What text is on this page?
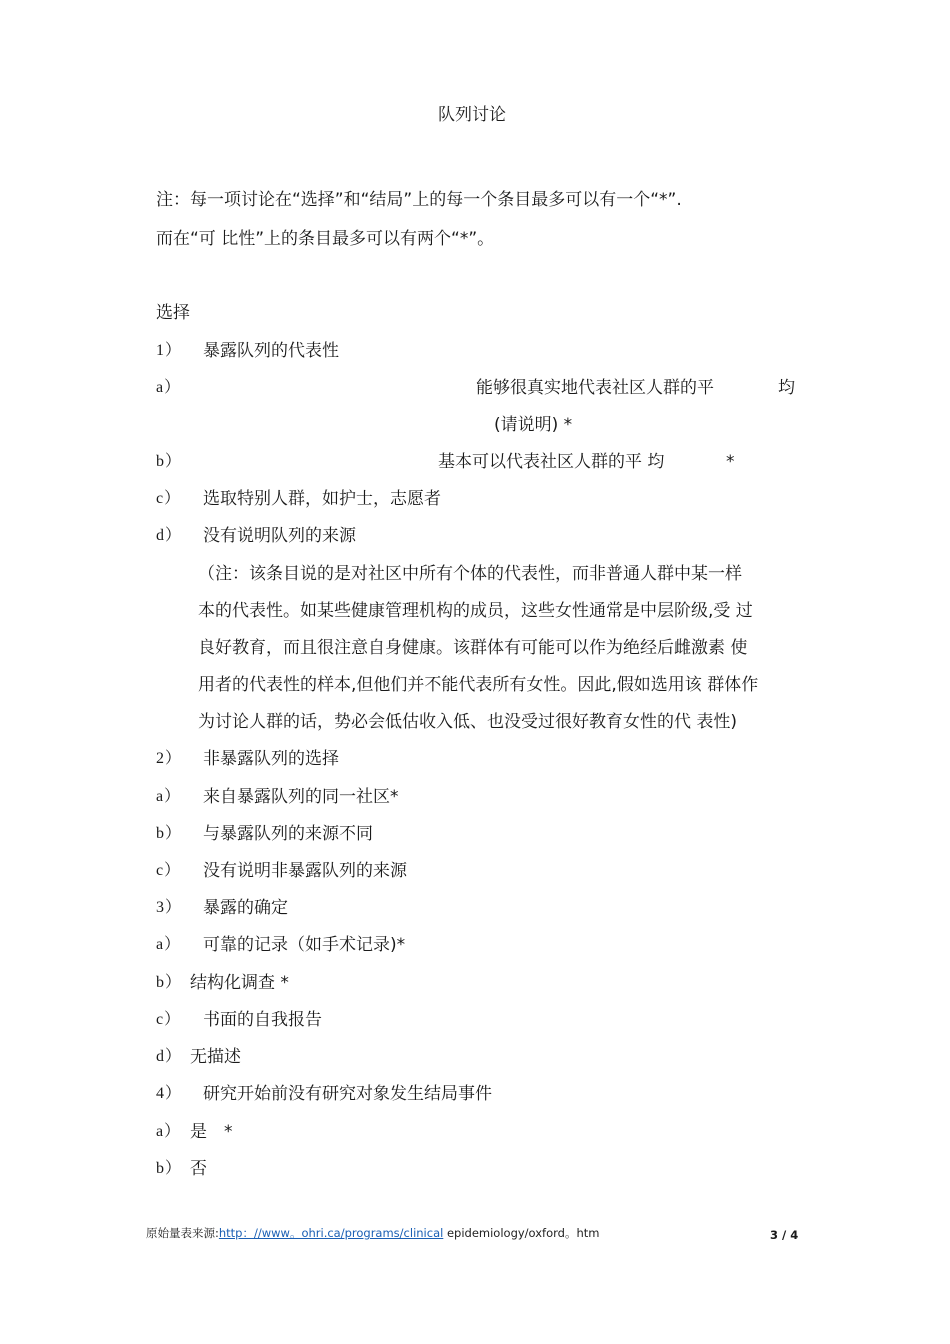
队列讨论
注：每一项讨论在“选择”和“结局”上的每一个条目最多可以有一个“*”.
而在“可 比性”上的条目最多可以有两个“*”。
选择
1） 暴露队列的代表性
a）	能够很真实地代表社区人群的平	均
(请说明) *
b）	基本可以代表社区人群的平 均	*
c） 选取特别人群，如护士，志愿者
d） 没有说明队列的来源
（注：该条目说的是对社区中所有个体的代表性，而非普通人群中某一样
本的代表性。如某些健康管理机构的成员，这些女性通常是中层阶级,受 过
良好教育，而且很注意自身健康。该群体有可能可以作为绝经后雌激素 使
用者的代表性的样本,但他们并不能代表所有女性。因此,假如选用该 群体作
为讨论人群的话，势必会低估收入低、也没受过很好教育女性的代 表性)
2） 非暴露队列的选择
a） 来自暴露队列的同一社区*
b） 与暴露队列的来源不同
c） 没有说明非暴露队列的来源
3） 暴露的确定
a） 可靠的记录（如手术记录)*
b） 结构化调查 *
c） 书面的自我报告
d） 无描述
4） 研究开始前没有研究对象发生结局事件
a） 是 *
b） 否
原始量表来源:http：//www。ohri.ca/programs/clinical epidemiology/oxford。htm	3 / 4
